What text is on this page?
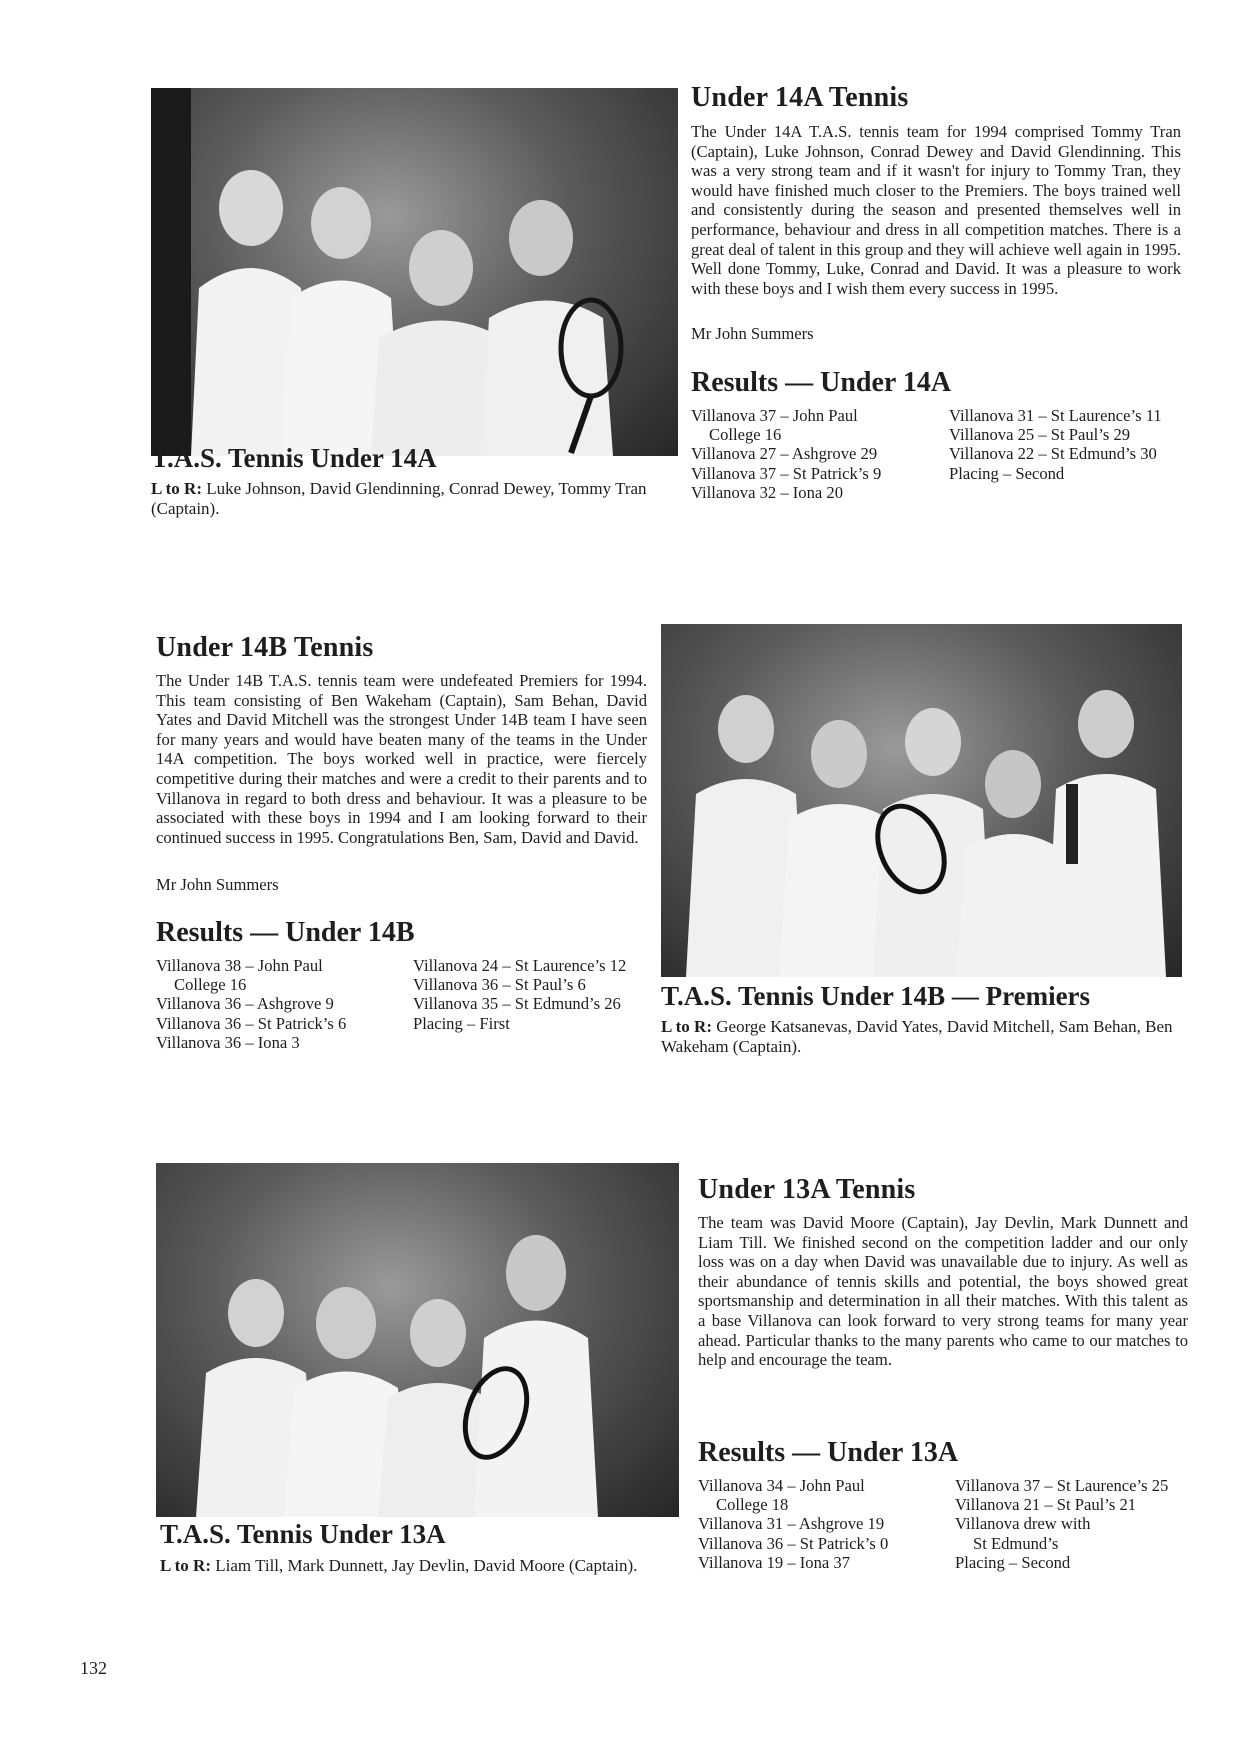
Under 14A Tennis

The Under 14A T.A.S. tennis team for 1994 comprised Tommy Tran (Captain), Luke Johnson, Conrad Dewey and David Glendinning. This was a very strong team and if it wasn't for injury to Tommy Tran, they would have finished much closer to the Premiers. The boys trained well and consistently during the season and presented themselves well in performance, behaviour and dress in all competition matches. There is a great deal of talent in this group and they will achieve well again in 1995. Well done Tommy, Luke, Conrad and David. It was a pleasure to work with these boys and I wish them every success in 1995.

Mr John Summers
Results — Under 14A
Villanova 37 – John Paul
College 16
Villanova 27 – Ashgrove 29
Villanova 37 – St Patrick’s 9
Villanova 32 – Iona 20
Villanova 31 – St Laurence’s 11
Villanova 25 – St Paul’s 29
Villanova 22 – St Edmund’s 30
Placing – Second
T.A.S. Tennis Under 14A
L to R: Luke Johnson, David Glendinning, Conrad Dewey, Tommy Tran (Captain).
Under 14B Tennis

The Under 14B T.A.S. tennis team were undefeated Premiers for 1994. This team consisting of Ben Wakeham (Captain), Sam Behan, David Yates and David Mitchell was the strongest Under 14B team I have seen for many years and would have beaten many of the teams in the Under 14A competition. The boys worked well in practice, were fiercely competitive during their matches and were a credit to their parents and to Villanova in regard to both dress and behaviour. It was a pleasure to be associated with these boys in 1994 and I am looking forward to their continued success in 1995. Congratulations Ben, Sam, David and David.

Mr John Summers
Results — Under 14B
Villanova 38 – John Paul
College 16
Villanova 36 – Ashgrove 9
Villanova 36 – St Patrick’s 6
Villanova 36 – Iona 3
Villanova 24 – St Laurence’s 12
Villanova 36 – St Paul’s 6
Villanova 35 – St Edmund’s 26
Placing – First
T.A.S. Tennis Under 14B — Premiers
L to R: George Katsanevas, David Yates, David Mitchell, Sam Behan, Ben Wakeham (Captain).
Under 13A Tennis

The team was David Moore (Captain), Jay Devlin, Mark Dunnett and Liam Till. We finished second on the competition ladder and our only loss was on a day when David was unavailable due to injury. As well as their abundance of tennis skills and potential, the boys showed great sportsmanship and determination in all their matches. With this talent as a base Villanova can look forward to very strong teams for many year ahead. Particular thanks to the many parents who came to our matches to help and encourage the team.

Results — Under 13A
Villanova 34 – John Paul
College 18
Villanova 31 – Ashgrove 19
Villanova 36 – St Patrick’s 0
Villanova 19 – Iona 37
Villanova 37 – St Laurence’s 25
Villanova 21 – St Paul’s 21
Villanova drew with
St Edmund’s
Placing – Second
T.A.S. Tennis Under 13A
L to R: Liam Till, Mark Dunnett, Jay Devlin, David Moore (Captain).
132
